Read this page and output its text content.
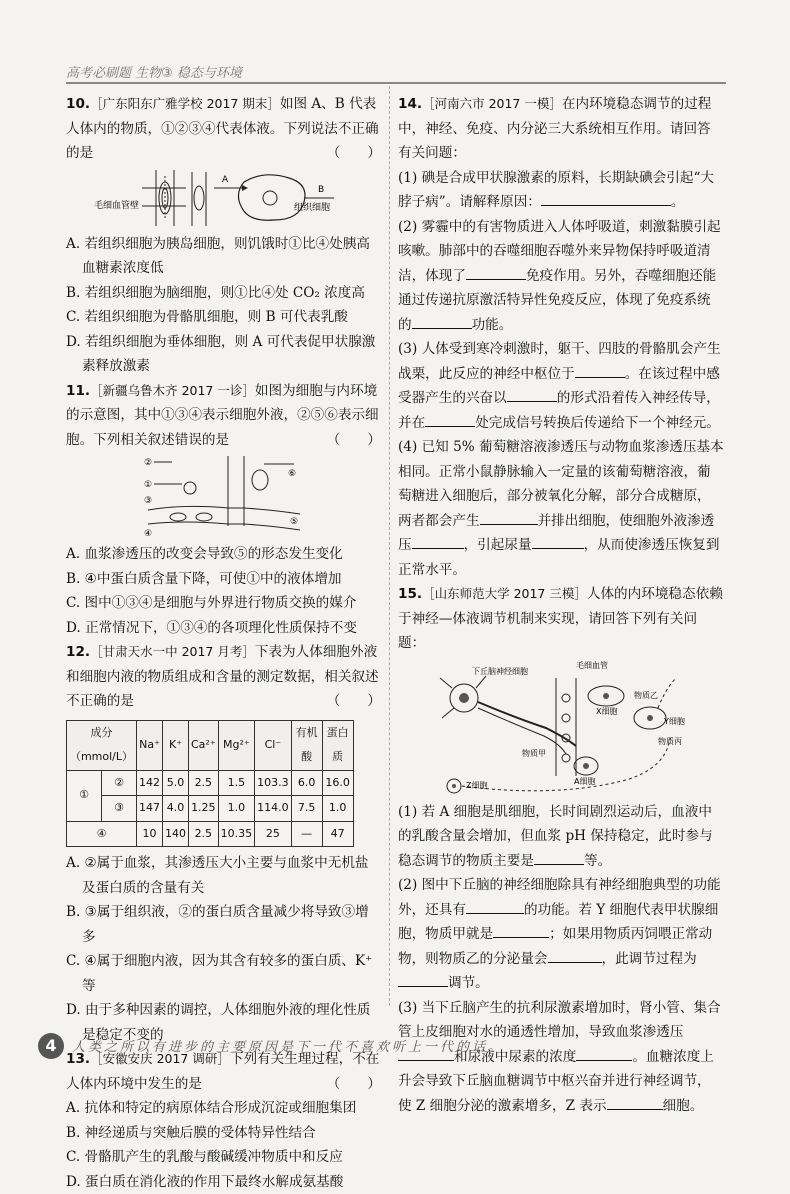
高考必刷题 生物③ 稳态与环境
10.［广东阳东广雅学校 2017 期末］如图 A、B 代表人体内的物质，①②③④代表体液。下列说法不正确的是	（　　）
毛细血管壁	组织细胞
A
B
A. 若组织细胞为胰岛细胞，则饥饿时①比④处胰高血糖素浓度低
B. 若组织细胞为脑细胞，则①比④处 CO₂ 浓度高
C. 若组织细胞为骨骼肌细胞，则 B 可代表乳酸
D. 若组织细胞为垂体细胞，则 A 可代表促甲状腺激素释放激素
11.［新疆乌鲁木齐 2017 一诊］如图为细胞与内环境的示意图，其中①③④表示细胞外液，②⑤⑥表示细胞。下列相关叙述错误的是	（　　）
②
①
③
④
⑥
⑤
A. 血浆渗透压的改变会导致⑤的形态发生变化
B. ④中蛋白质含量下降，可使①中的液体增加
C. 图中①③④是细胞与外界进行物质交换的媒介
D. 正常情况下，①③④的各项理化性质保持不变
12.［甘肃天水一中 2017 月考］下表为人体细胞外液和细胞内液的物质组成和含量的测定数据，相关叙述不正确的是	（　　）
成分
（mmol/L）		Na⁺	K⁺	Ca²⁺	Mg²⁺	Cl⁻	有机酸	蛋白质
①	②	142	5.0	2.5	1.5	103.3	6.0	16.0
	③	147	4.0	1.25	1.0	114.0	7.5	1.0
④		10	140	2.5	10.35	25	—	47
A. ②属于血浆，其渗透压大小主要与血浆中无机盐及蛋白质的含量有关
B. ③属于组织液，②的蛋白质含量减少将导致③增多
C. ④属于细胞内液，因为其含有较多的蛋白质、K⁺等
D. 由于多种因素的调控，人体细胞外液的理化性质是稳定不变的
13.［安徽安庆 2017 调研］下列有关生理过程，不在人体内环境中发生的是	（　　）
A. 抗体和特定的病原体结合形成沉淀或细胞集团
B. 神经递质与突触后膜的受体特异性结合
C. 骨骼肌产生的乳酸与酸碱缓冲物质中和反应
D. 蛋白质在消化液的作用下最终水解成氨基酸
14.［河南六市 2017 一模］在内环境稳态调节的过程中，神经、免疫、内分泌三大系统相互作用。请回答有关问题：
(1) 碘是合成甲状腺激素的原料，长期缺碘会引起“大脖子病”。请解释原因：	。
(2) 雾霾中的有害物质进入人体呼吸道，刺激黏膜引起咳嗽。肺部中的吞噬细胞吞噬外来异物保持呼吸道清洁，体现了	免疫作用。另外，吞噬细胞还能通过传递抗原激活特异性免疫反应，体现了免疫系统的	功能。
(3) 人体受到寒冷刺激时，躯干、四肢的骨骼肌会产生战栗，此反应的神经中枢位于	。在该过程中感受器产生的兴奋以	的形式沿着传入神经传导，并在	处完成信号转换后传递给下一个神经元。
(4) 已知 5% 葡萄糖溶液渗透压与动物血浆渗透压基本相同。正常小鼠静脉输入一定量的该葡萄糖溶液，葡萄糖进入细胞后，部分被氧化分解，部分合成糖原，两者都会产生	并排出细胞，使细胞外液渗透压	，引起尿量	，从而使渗透压恢复到正常水平。
15.［山东师范大学 2017 三模］人体的内环境稳态依赖于神经—体液调节机制来实现，请回答下列有关问题：
下丘脑神经细胞
毛细血管
X细胞
Y细胞
物质乙
物质丙
物质甲
A细胞
Z细胞
(1) 若 A 细胞是肌细胞，长时间剧烈运动后，血液中的乳酸含量会增加，但血浆 pH 保持稳定，此时参与稳态调节的物质主要是	等。
(2) 图中下丘脑的神经细胞除具有神经细胞典型的功能外，还具有	的功能。若 Y 细胞代表甲状腺细胞，物质甲就是	；如果用物质丙饲喂正常动物，则物质乙的分泌量会	，此调节过程为调节。
(3) 当下丘脑产生的抗利尿激素增加时，肾小管、集合管上皮细胞对水的通透性增加，导致血浆渗透压和尿液中尿素的浓度	。血糖浓度上升会导致下丘脑血糖调节中枢兴奋并进行神经调节，使 Z 细胞分泌的激素增多，Z 表示	细胞。
4	人类之所以有进步的主要原因是下一代不喜欢听上一代的话。
